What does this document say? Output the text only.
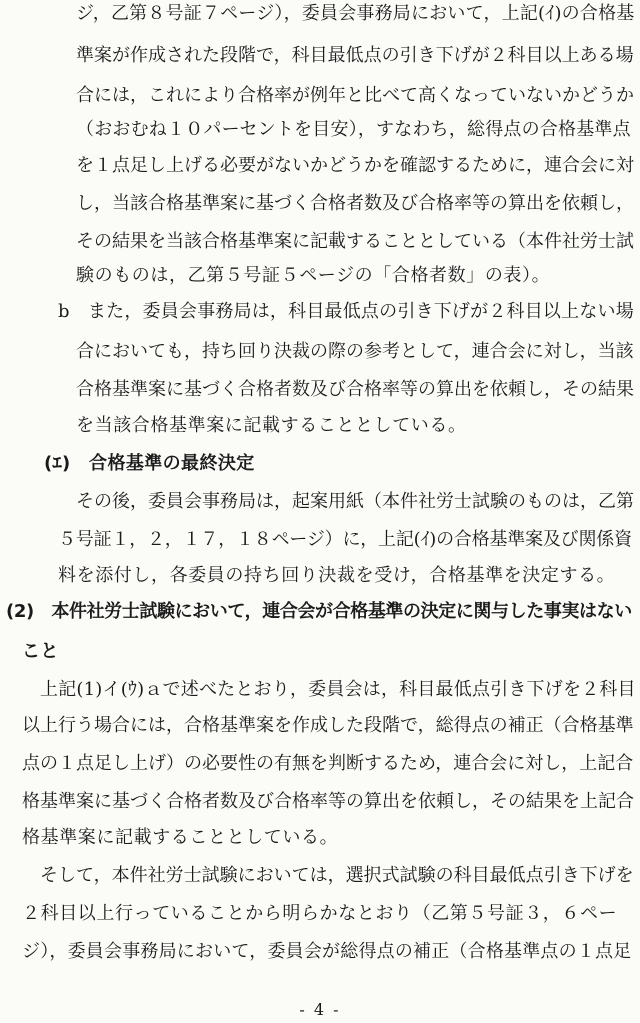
ジ，乙第８号証７ページ），委員会事務局において，上記(ｲ)の合格基
準案が作成された段階で，科目最低点の引き下げが２科目以上ある場
合には，これにより合格率が例年と比べて高くなっていないかどうか
（おおむね１０パーセントを目安），すなわち，総得点の合格基準点
を１点足し上げる必要がないかどうかを確認するために，連合会に対
し，当該合格基準案に基づく合格者数及び合格率等の算出を依頼し，
その結果を当該合格基準案に記載することとしている（本件社労士試
験のものは，乙第５号証５ページの「合格者数」の表）。
b　また，委員会事務局は，科目最低点の引き下げが２科目以上ない場
合においても，持ち回り決裁の際の参考として，連合会に対し，当該
合格基準案に基づく合格者数及び合格率等の算出を依頼し，その結果
を当該合格基準案に記載することとしている。
(ｴ)　合格基準の最終決定
その後，委員会事務局は，起案用紙（本件社労士試験のものは，乙第
５号証１，２，１７，１８ページ）に，上記(ｲ)の合格基準案及び関係資
料を添付し，各委員の持ち回り決裁を受け，合格基準を決定する。
(2)　本件社労士試験において，連合会が合格基準の決定に関与した事実はない
こと
上記(1)イ(ｳ)ａで述べたとおり，委員会は，科目最低点引き下げを２科目
以上行う場合には，合格基準案を作成した段階で，総得点の補正（合格基準
点の１点足し上げ）の必要性の有無を判断するため，連合会に対し，上記合
格基準案に基づく合格者数及び合格率等の算出を依頼し，その結果を上記合
格基準案に記載することとしている。
そして，本件社労士試験においては，選択式試験の科目最低点引き下げを
２科目以上行っていることから明らかなとおり（乙第５号証３，６ペー
ジ），委員会事務局において，委員会が総得点の補正（合格基準点の１点足
- 4 -
